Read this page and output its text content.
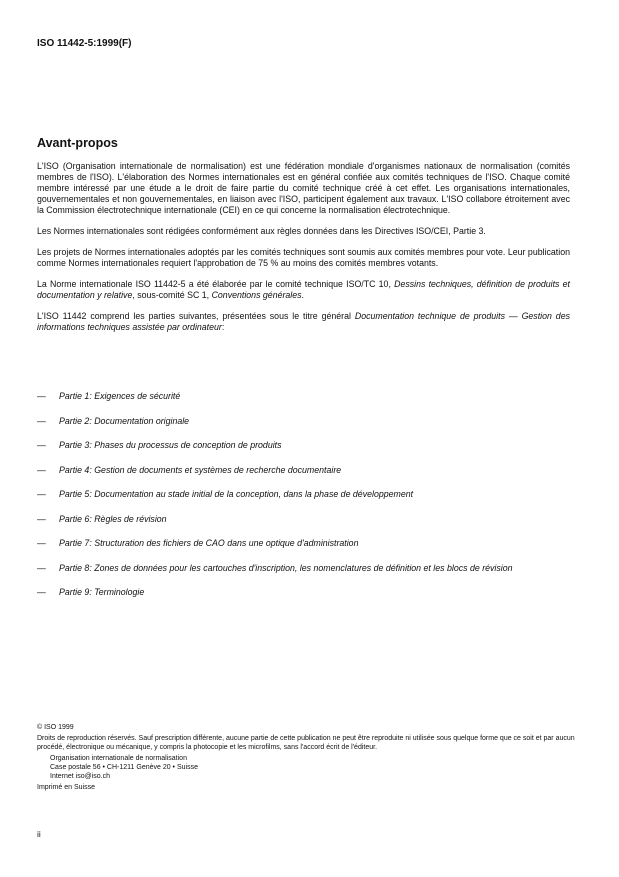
ISO 11442-5:1999(F)
Avant-propos

L'ISO (Organisation internationale de normalisation) est une fédération mondiale d'organismes nationaux de normalisation (comités membres de l'ISO). L'élaboration des Normes internationales est en général confiée aux comités techniques de l'ISO. Chaque comité membre intéressé par une étude a le droit de faire partie du comité technique créé à cet effet. Les organisations internationales, gouvernementales et non gouvernementales, en liaison avec l'ISO, participent également aux travaux. L'ISO collabore étroitement avec la Commission électrotechnique internationale (CEI) en ce qui concerne la normalisation électrotechnique.

Les Normes internationales sont rédigées conformément aux règles données dans les Directives ISO/CEI, Partie 3.

Les projets de Normes internationales adoptés par les comités techniques sont soumis aux comités membres pour vote. Leur publication comme Normes internationales requiert l'approbation de 75 % au moins des comités membres votants.

La Norme internationale ISO 11442-5 a été élaborée par le comité technique ISO/TC 10, Dessins techniques, définition de produits et documentation y relative, sous-comité SC 1, Conventions générales.

L'ISO 11442 comprend les parties suivantes, présentées sous le titre général Documentation technique de produits — Gestion des informations techniques assistée par ordinateur:

— Partie 1: Exigences de sécurité
— Partie 2: Documentation originale
— Partie 3: Phases du processus de conception de produits
— Partie 4: Gestion de documents et systèmes de recherche documentaire
— Partie 5: Documentation au stade initial de la conception, dans la phase de développement
— Partie 6: Règles de révision
— Partie 7: Structuration des fichiers de CAO dans une optique d'administration
— Partie 8: Zones de données pour les cartouches d'inscription, les nomenclatures de définition et les blocs de révision
— Partie 9: Terminologie

© ISO 1999

Droits de reproduction réservés. Sauf prescription différente, aucune partie de cette publication ne peut être reproduite ni utilisée sous quelque forme que ce soit et par aucun procédé, électronique ou mécanique, y compris la photocopie et les microfilms, sans l'accord écrit de l'éditeur.

Organisation internationale de normalisation
Case postale 56 • CH-1211 Genève 20 • Suisse
Internet iso@iso.ch

Imprimé en Suisse

ii
